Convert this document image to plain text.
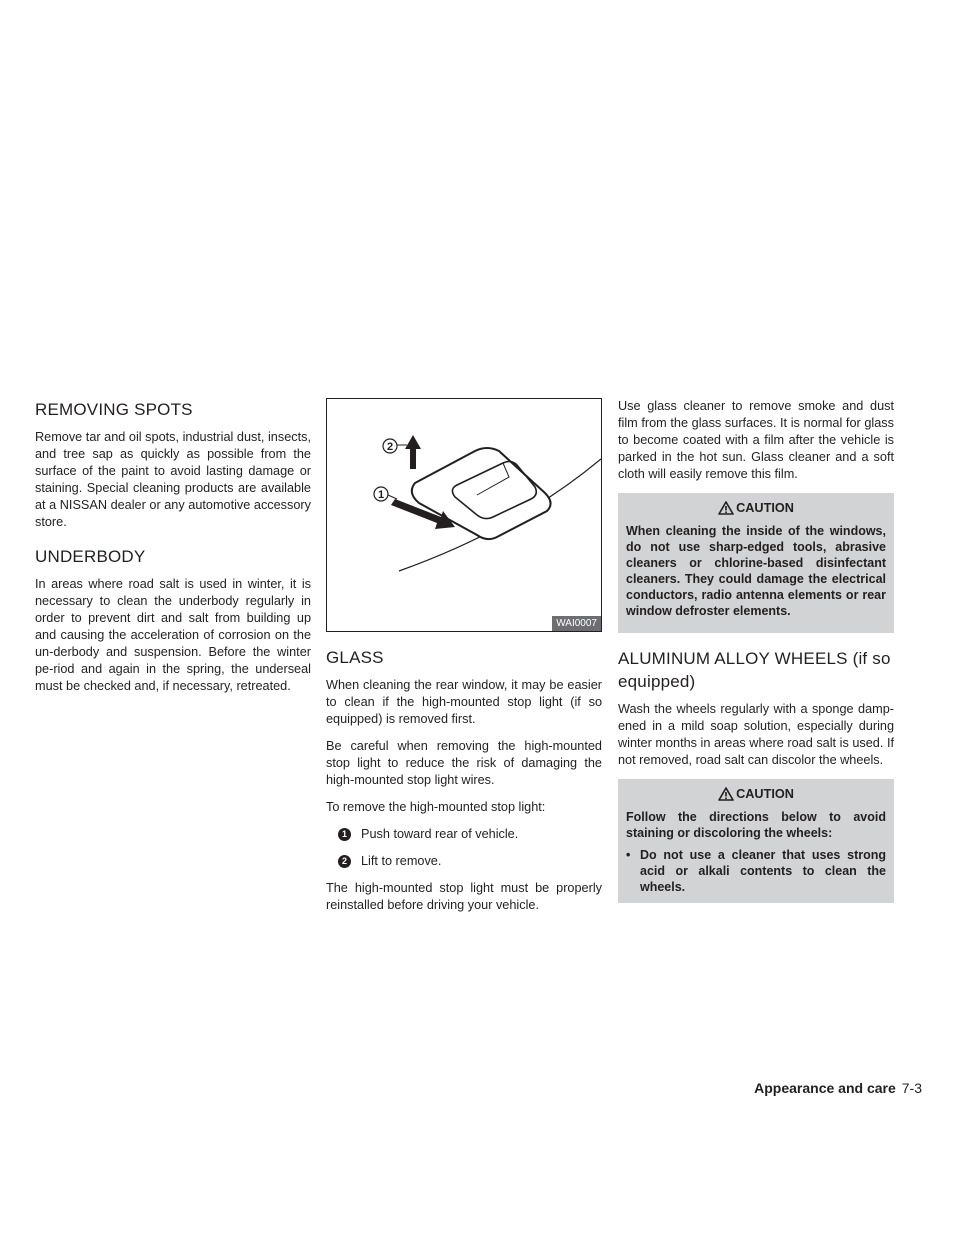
REMOVING SPOTS

Remove tar and oil spots, industrial dust, insects, and tree sap as quickly as possible from the surface of the paint to avoid lasting damage or staining. Special cleaning products are available at a NISSAN dealer or any automotive accessory store.

UNDERBODY

In areas where road salt is used in winter, it is necessary to clean the underbody regularly in order to prevent dirt and salt from building up and causing the acceleration of corrosion on the un-derbody and suspension. Before the winter pe-riod and again in the spring, the underseal must be checked and, if necessary, retreated.

2
1
WAI0007
GLASS

When cleaning the rear window, it may be easier to clean if the high-mounted stop light (if so equipped) is removed first.

Be careful when removing the high-mounted stop light to reduce the risk of damaging the high-mounted stop light wires.

To remove the high-mounted stop light:

1	Push toward rear of vehicle.
2	Lift to remove.

The high-mounted stop light must be properly reinstalled before driving your vehicle.

Use glass cleaner to remove smoke and dust film from the glass surfaces. It is normal for glass to become coated with a film after the vehicle is parked in the hot sun. Glass cleaner and a soft cloth will easily remove this film.

CAUTION

When cleaning the inside of the windows, do not use sharp-edged tools, abrasive cleaners or chlorine-based disinfectant cleaners. They could damage the electrical conductors, radio antenna elements or rear window defroster elements.

ALUMINUM ALLOY WHEELS (if so equipped)

Wash the wheels regularly with a sponge damp-ened in a mild soap solution, especially during winter months in areas where road salt is used. If not removed, road salt can discolor the wheels.

CAUTION

Follow the directions below to avoid staining or discoloring the wheels:

• Do not use a cleaner that uses strong acid or alkali contents to clean the wheels.
Appearance and care 7-3
